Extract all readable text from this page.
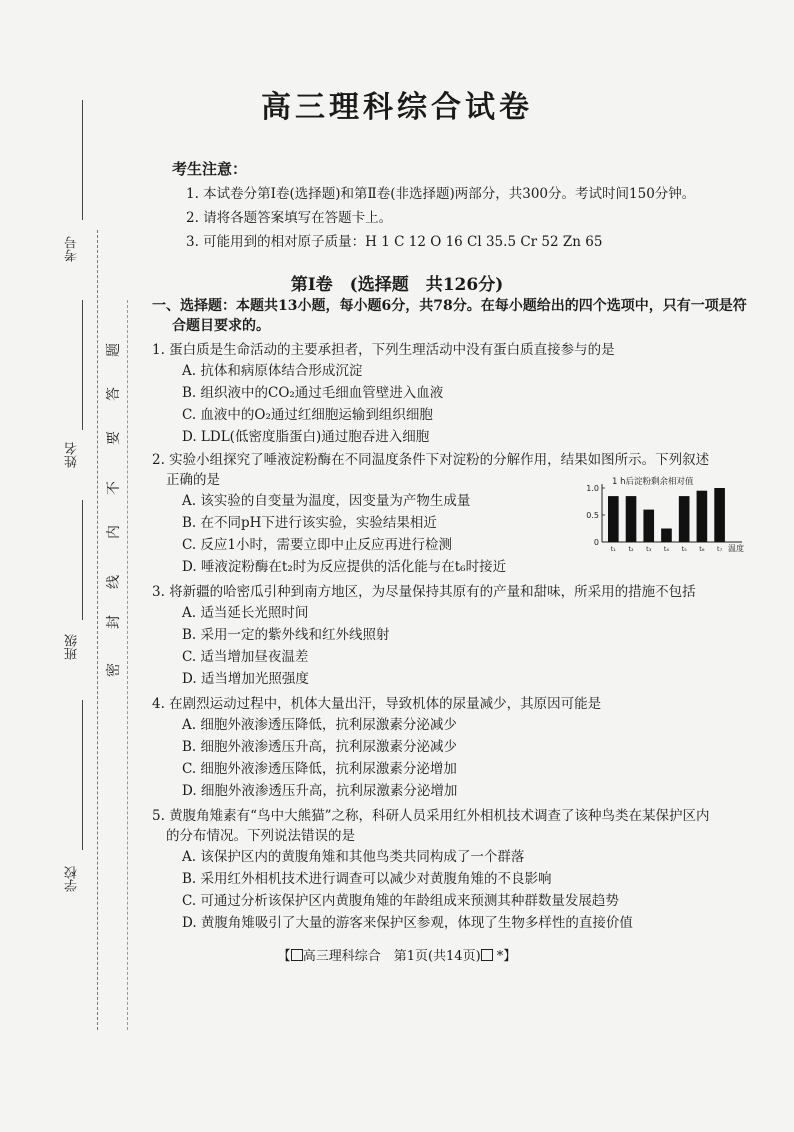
考号
姓名
班级
学校
密
封
线
内
不
要
答
题
高三理科综合试卷
考生注意：
1. 本试卷分第Ⅰ卷(选择题)和第Ⅱ卷(非选择题)两部分，共300分。考试时间150分钟。
2. 请将各题答案填写在答题卡上。
3. 可能用到的相对原子质量：H 1 C 12 O 16 Cl 35.5 Cr 52 Zn 65
第Ⅰ卷　(选择题　共126分)
一、选择题：本题共13小题，每小题6分，共78分。在每小题给出的四个选项中，只有一项是符
合题目要求的。
1. 蛋白质是生命活动的主要承担者，下列生理活动中没有蛋白质直接参与的是
A. 抗体和病原体结合形成沉淀
B. 组织液中的CO₂通过毛细血管壁进入血液
C. 血液中的O₂通过红细胞运输到组织细胞
D. LDL(低密度脂蛋白)通过胞吞进入细胞
2. 实验小组探究了唾液淀粉酶在不同温度条件下对淀粉的分解作用，结果如图所示。下列叙述
正确的是
A. 该实验的自变量为温度，因变量为产物生成量
B. 在不同pH下进行该实验，实验结果相近
C. 反应1小时，需要立即中止反应再进行检测
D. 唾液淀粉酶在t₂时为反应提供的活化能与在t₆时接近
1 h后淀粉剩余相对值
0
0.5
1.0
t₁ t₂ t₃ t₄ t₅ t₆ t₇ 温度
3. 将新疆的哈密瓜引种到南方地区，为尽量保持其原有的产量和甜味，所采用的措施不包括
A. 适当延长光照时间
B. 采用一定的紫外线和红外线照射
C. 适当增加昼夜温差
D. 适当增加光照强度
4. 在剧烈运动过程中，机体大量出汗，导致机体的尿量减少，其原因可能是
A. 细胞外液渗透压降低，抗利尿激素分泌减少
B. 细胞外液渗透压升高，抗利尿激素分泌减少
C. 细胞外液渗透压降低，抗利尿激素分泌增加
D. 细胞外液渗透压升高，抗利尿激素分泌增加
5. 黄腹角雉素有“鸟中大熊猫”之称，科研人员采用红外相机技术调查了该种鸟类在某保护区内
的分布情况。下列说法错误的是
A. 该保护区内的黄腹角雉和其他鸟类共同构成了一个群落
B. 采用红外相机技术进行调查可以减少对黄腹角雉的不良影响
C. 可通过分析该保护区内黄腹角雉的年龄组成来预测其种群数量发展趋势
D. 黄腹角雉吸引了大量的游客来保护区参观，体现了生物多样性的直接价值
【 高三理科综合　第1页(共14页) *】
